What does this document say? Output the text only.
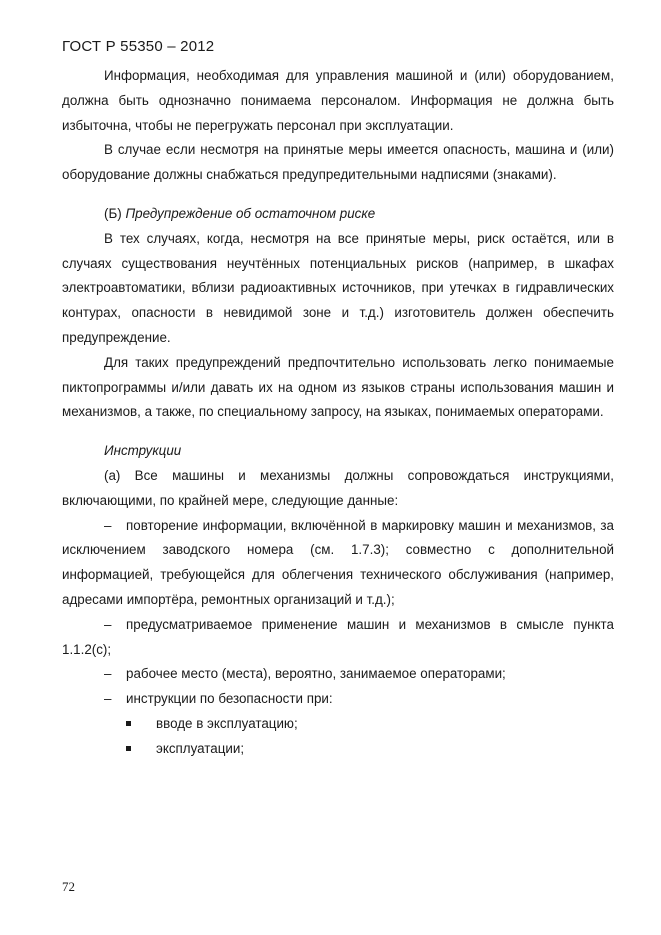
ГОСТ Р 55350 – 2012

Информация, необходимая для управления машиной и (или) оборудованием, должна быть однозначно понимаема персоналом. Информация не должна быть избыточна, чтобы не перегружать персонал при эксплуатации.

В случае если несмотря на принятые меры имеется опасность, машина и (или) оборудование должны снабжаться предупредительными надписями (знаками).

(Б) Предупреждение об остаточном риске

В тех случаях, когда, несмотря на все принятые меры, риск остаётся, или в случаях существования неучтённых потенциальных рисков (например, в шкафах электроавтоматики, вблизи радиоактивных источников, при утечках в гидравлических контурах, опасности в невидимой зоне и т.д.) изготовитель должен обеспечить предупреждение.

Для таких предупреждений предпочтительно использовать легко понимаемые пиктопрограммы и/или давать их на одном из языков страны использования машин и механизмов, а также, по специальному запросу, на языках, понимаемых операторами.

Инструкции

(а) Все машины и механизмы должны сопровождаться инструкциями, включающими, по крайней мере, следующие данные:

– повторение информации, включённой в маркировку машин и механизмов, за исключением заводского номера (см. 1.7.3); совместно с дополнительной информацией, требующейся для облегчения технического обслуживания (например, адресами импортёра, ремонтных организаций и т.д.);

– предусматриваемое применение машин и механизмов в смысле пункта 1.1.2(с);

– рабочее место (места), вероятно, занимаемое операторами;

– инструкции по безопасности при:

вводе в эксплуатацию;

эксплуатации;

72
